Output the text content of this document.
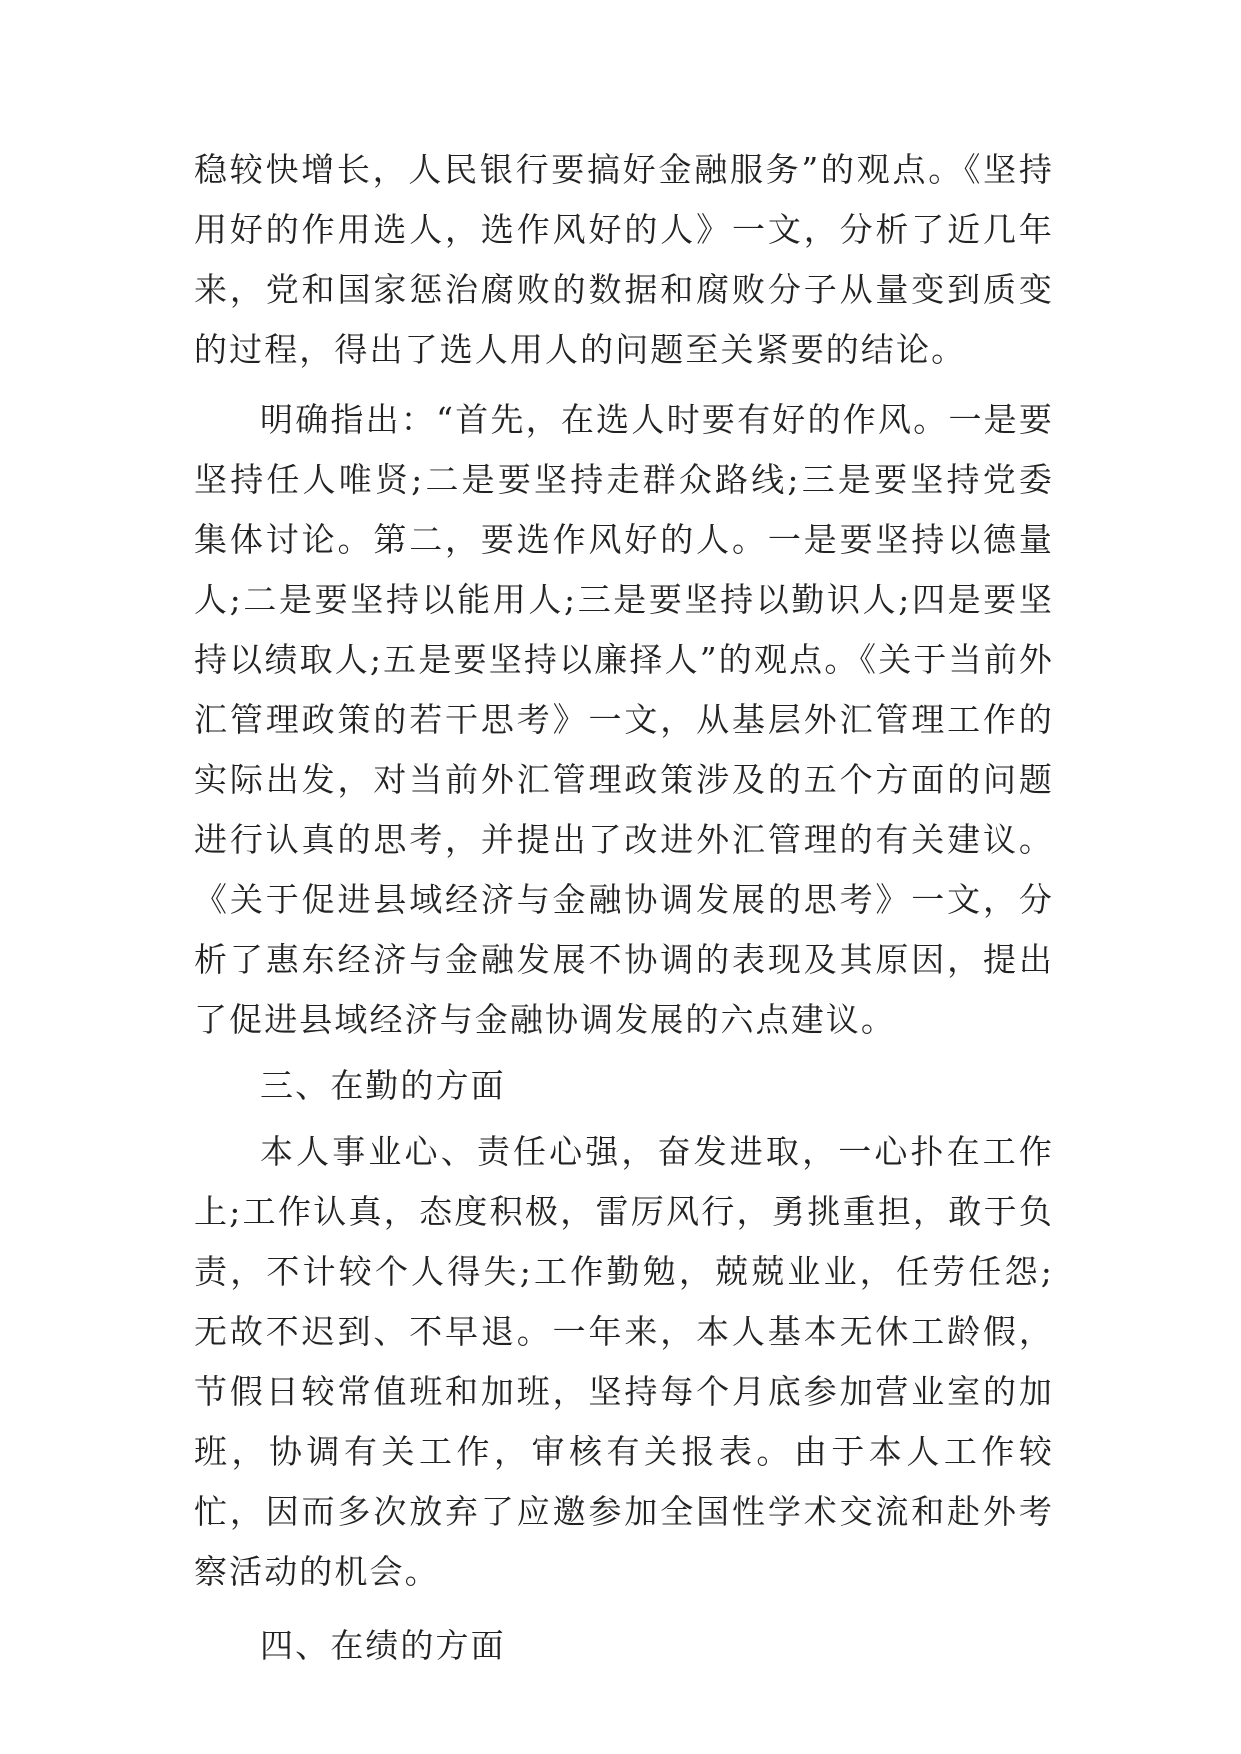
稳较快增长，人民银行要搞好金融服务”的观点。《坚持用好的作用选人，选作风好的人》一文，分析了近几年来，党和国家惩治腐败的数据和腐败分子从量变到质变的过程，得出了选人用人的问题至关紧要的结论。

明确指出：“首先，在选人时要有好的作风。一是要坚持任人唯贤;二是要坚持走群众路线;三是要坚持党委集体讨论。第二，要选作风好的人。一是要坚持以德量人;二是要坚持以能用人;三是要坚持以勤识人;四是要坚持以绩取人;五是要坚持以廉择人”的观点。《关于当前外汇管理政策的若干思考》一文，从基层外汇管理工作的实际出发，对当前外汇管理政策涉及的五个方面的问题进行认真的思考，并提出了改进外汇管理的有关建议。《关于促进县域经济与金融协调发展的思考》一文，分析了惠东经济与金融发展不协调的表现及其原因，提出了促进县域经济与金融协调发展的六点建议。

三、在勤的方面

本人事业心、责任心强，奋发进取，一心扑在工作上;工作认真，态度积极，雷厉风行，勇挑重担，敢于负责，不计较个人得失;工作勤勉，兢兢业业，任劳任怨;无故不迟到、不早退。一年来，本人基本无休工龄假，节假日较常值班和加班，坚持每个月底参加营业室的加班，协调有关工作，审核有关报表。由于本人工作较忙，因而多次放弃了应邀参加全国性学术交流和赴外考察活动的机会。

四、在绩的方面
